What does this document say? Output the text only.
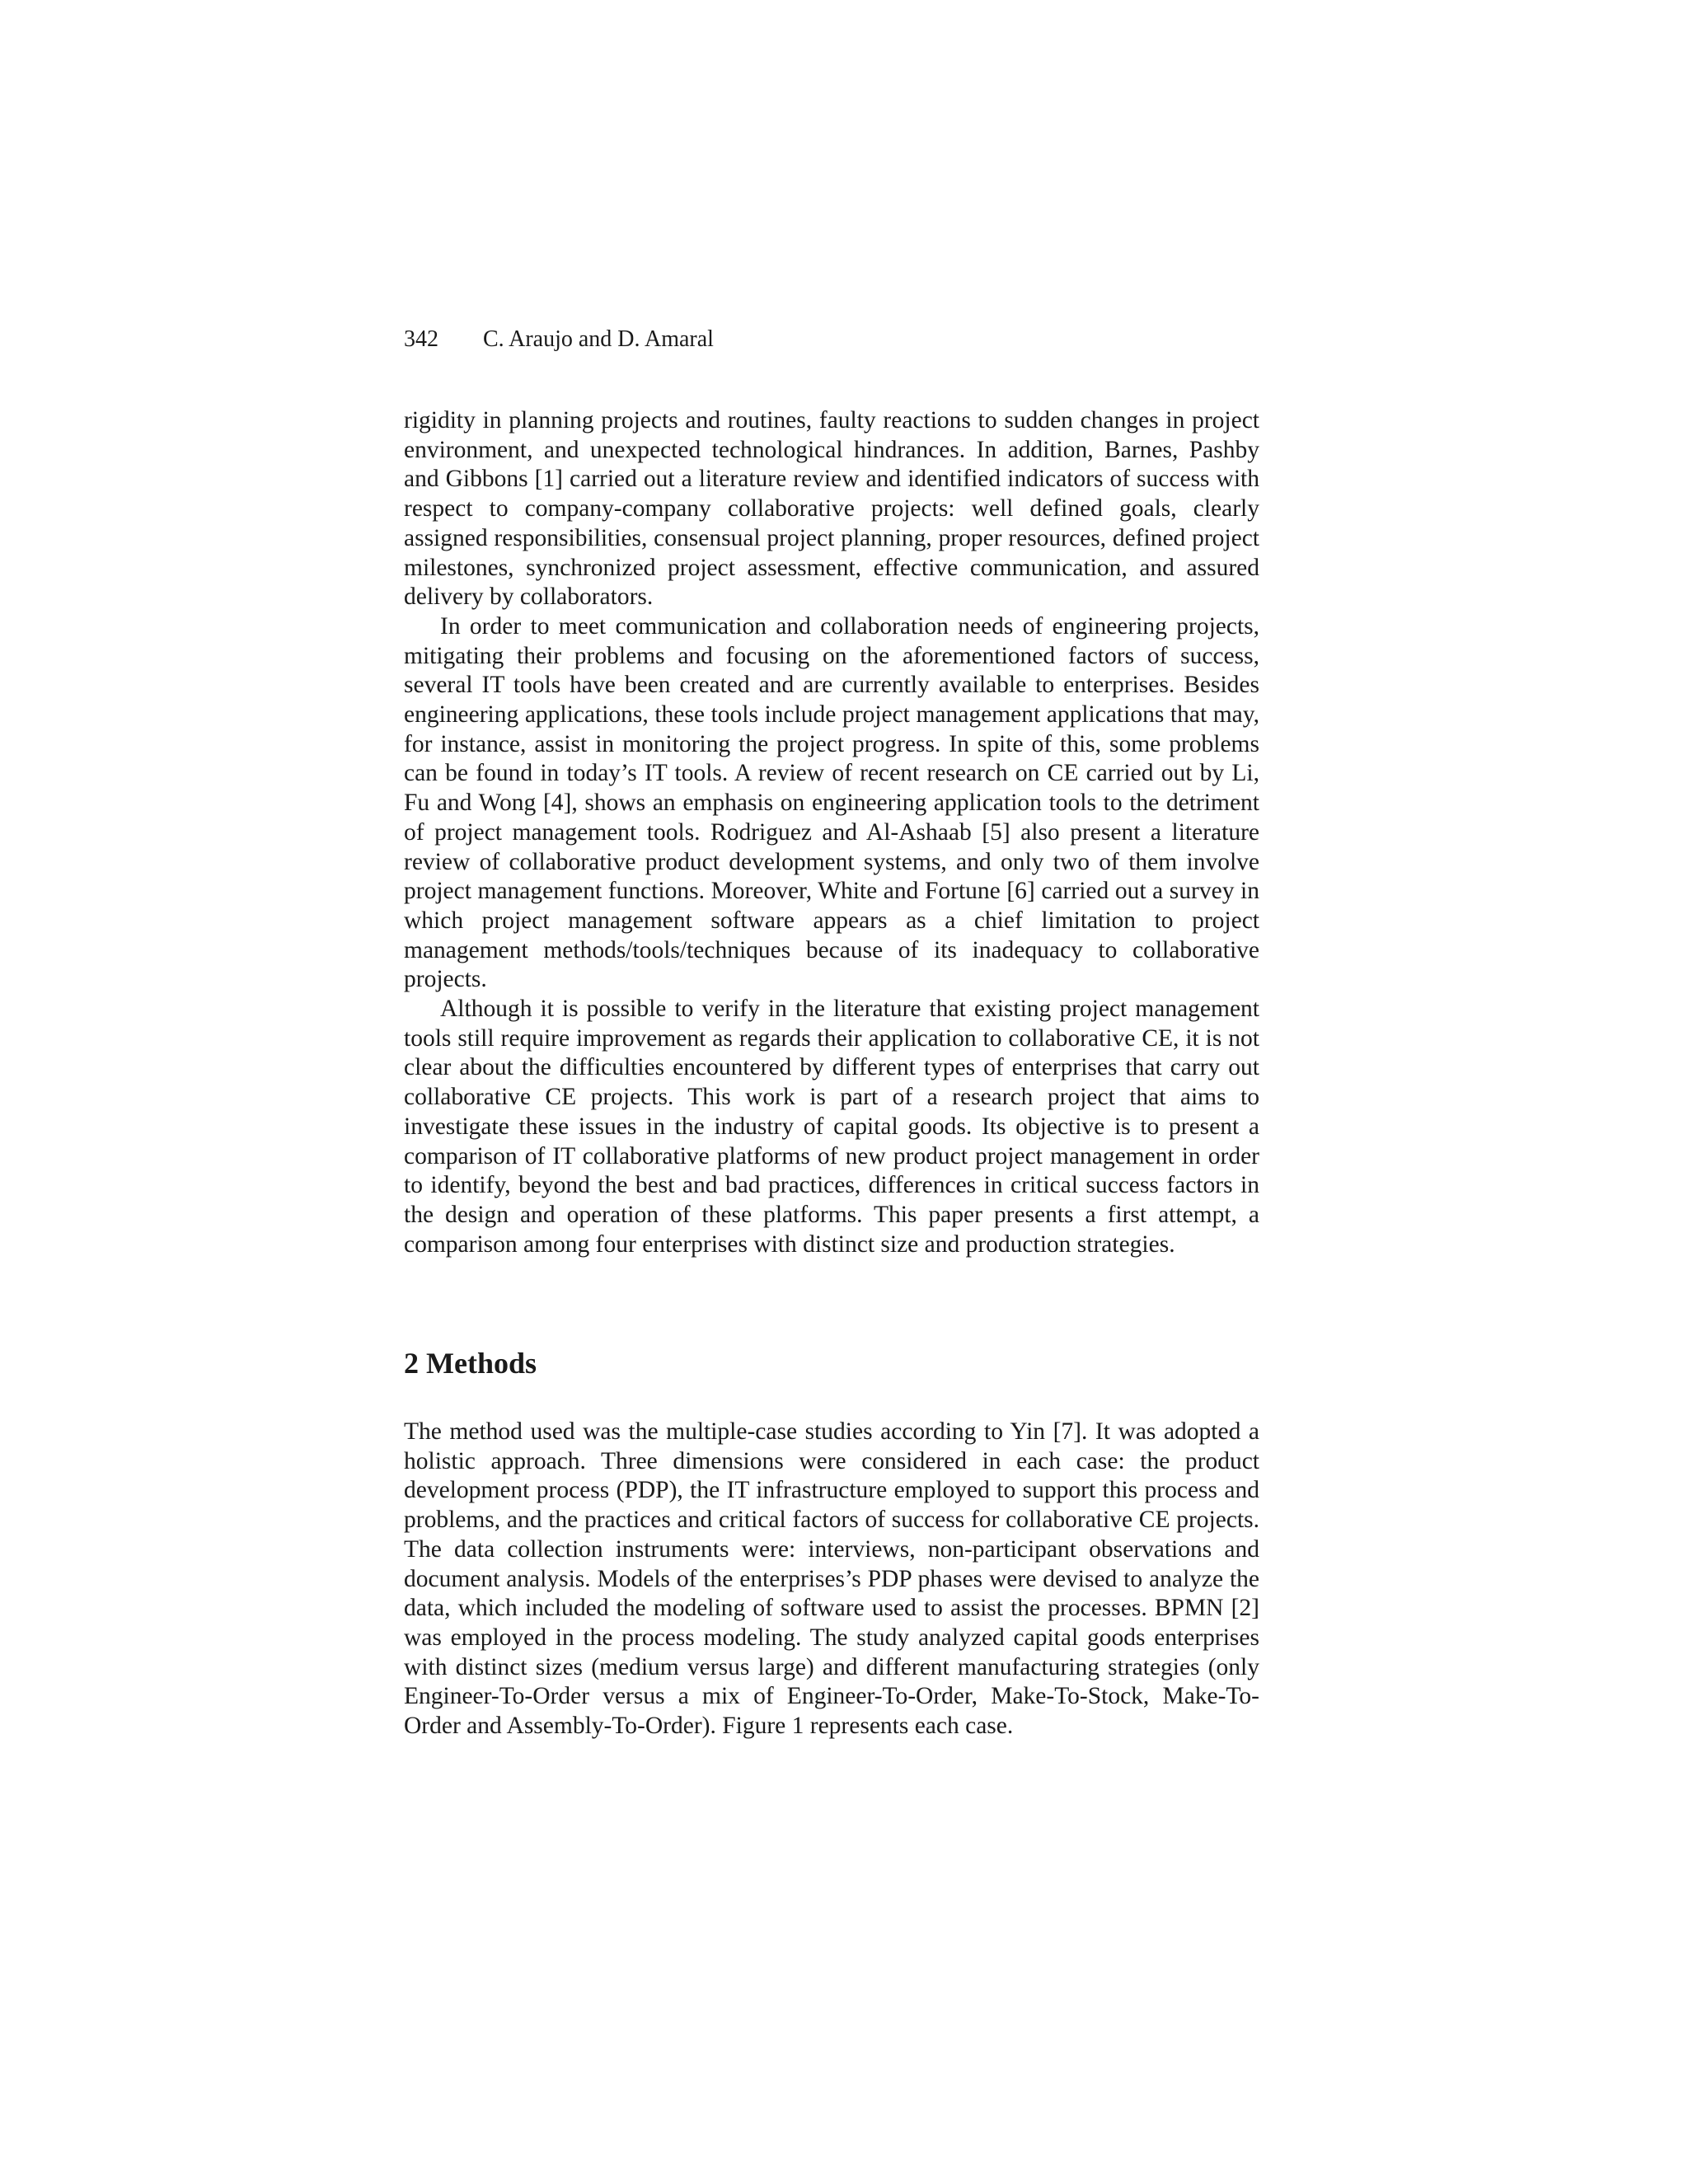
342 C. Araujo and D. Amaral

rigidity in planning projects and routines, faulty reactions to sudden changes in project environment, and unexpected technological hindrances. In addition, Barnes, Pashby and Gibbons [1] carried out a literature review and identified indicators of success with respect to company-company collaborative projects: well defined goals, clearly assigned responsibilities, consensual project planning, proper resources, defined project milestones, synchronized project assessment, effective communication, and assured delivery by collaborators.

In order to meet communication and collaboration needs of engineering projects, mitigating their problems and focusing on the aforementioned factors of success, several IT tools have been created and are currently available to enterprises. Besides engineering applications, these tools include project management applications that may, for instance, assist in monitoring the project progress. In spite of this, some problems can be found in today’s IT tools. A review of recent research on CE carried out by Li, Fu and Wong [4], shows an emphasis on engineering application tools to the detriment of project management tools. Rodriguez and Al-Ashaab [5] also present a literature review of collaborative product development systems, and only two of them involve project management functions. Moreover, White and Fortune [6] carried out a survey in which project management software appears as a chief limitation to project management methods/tools/techniques because of its inadequacy to collaborative projects.

Although it is possible to verify in the literature that existing project management tools still require improvement as regards their application to collaborative CE, it is not clear about the difficulties encountered by different types of enterprises that carry out collaborative CE projects. This work is part of a research project that aims to investigate these issues in the industry of capital goods. Its objective is to present a comparison of IT collaborative platforms of new product project management in order to identify, beyond the best and bad practices, differences in critical success factors in the design and operation of these platforms. This paper presents a first attempt, a comparison among four enterprises with distinct size and production strategies.

2 Methods

The method used was the multiple-case studies according to Yin [7]. It was adopted a holistic approach. Three dimensions were considered in each case: the product development process (PDP), the IT infrastructure employed to support this process and problems, and the practices and critical factors of success for collaborative CE projects. The data collection instruments were: interviews, non-participant observations and document analysis. Models of the enterprises’s PDP phases were devised to analyze the data, which included the modeling of software used to assist the processes. BPMN [2] was employed in the process modeling. The study analyzed capital goods enterprises with distinct sizes (medium versus large) and different manufacturing strategies (only Engineer-To-Order versus a mix of Engineer-To-Order, Make-To-Stock, Make-To-Order and Assembly-To-Order). Figure 1 represents each case.
